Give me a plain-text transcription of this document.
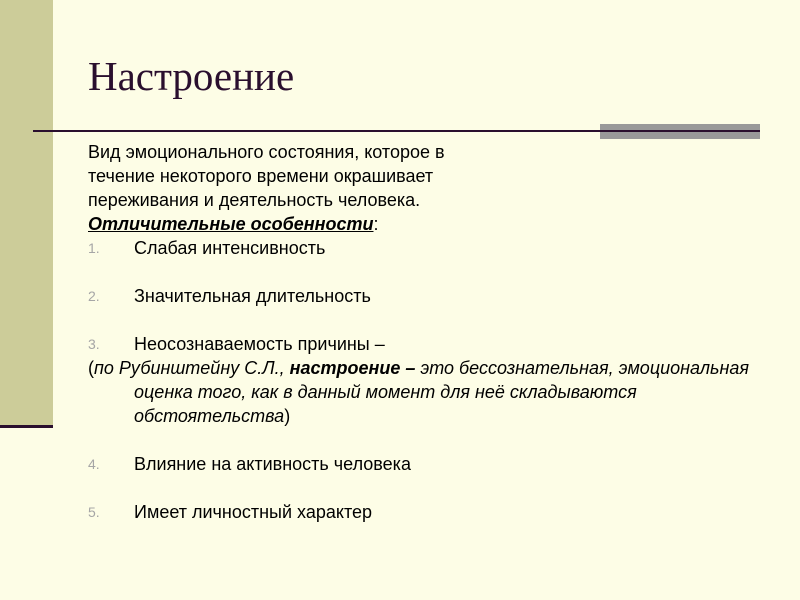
Настроение

Вид эмоционального состояния, которое в

течение некоторого времени окрашивает

переживания и деятельность человека.

Отличительные особенности:

1. Слабая интенсивность
2. Значительная длительность
3. Неосознаваемость причины –

(по Рубинштейну С.Л., настроение – это бессознательная, эмоциональная оценка того, как в данный момент для неё складываются обстоятельства)

4. Влияние на активность человека
5. Имеет личностный характер
